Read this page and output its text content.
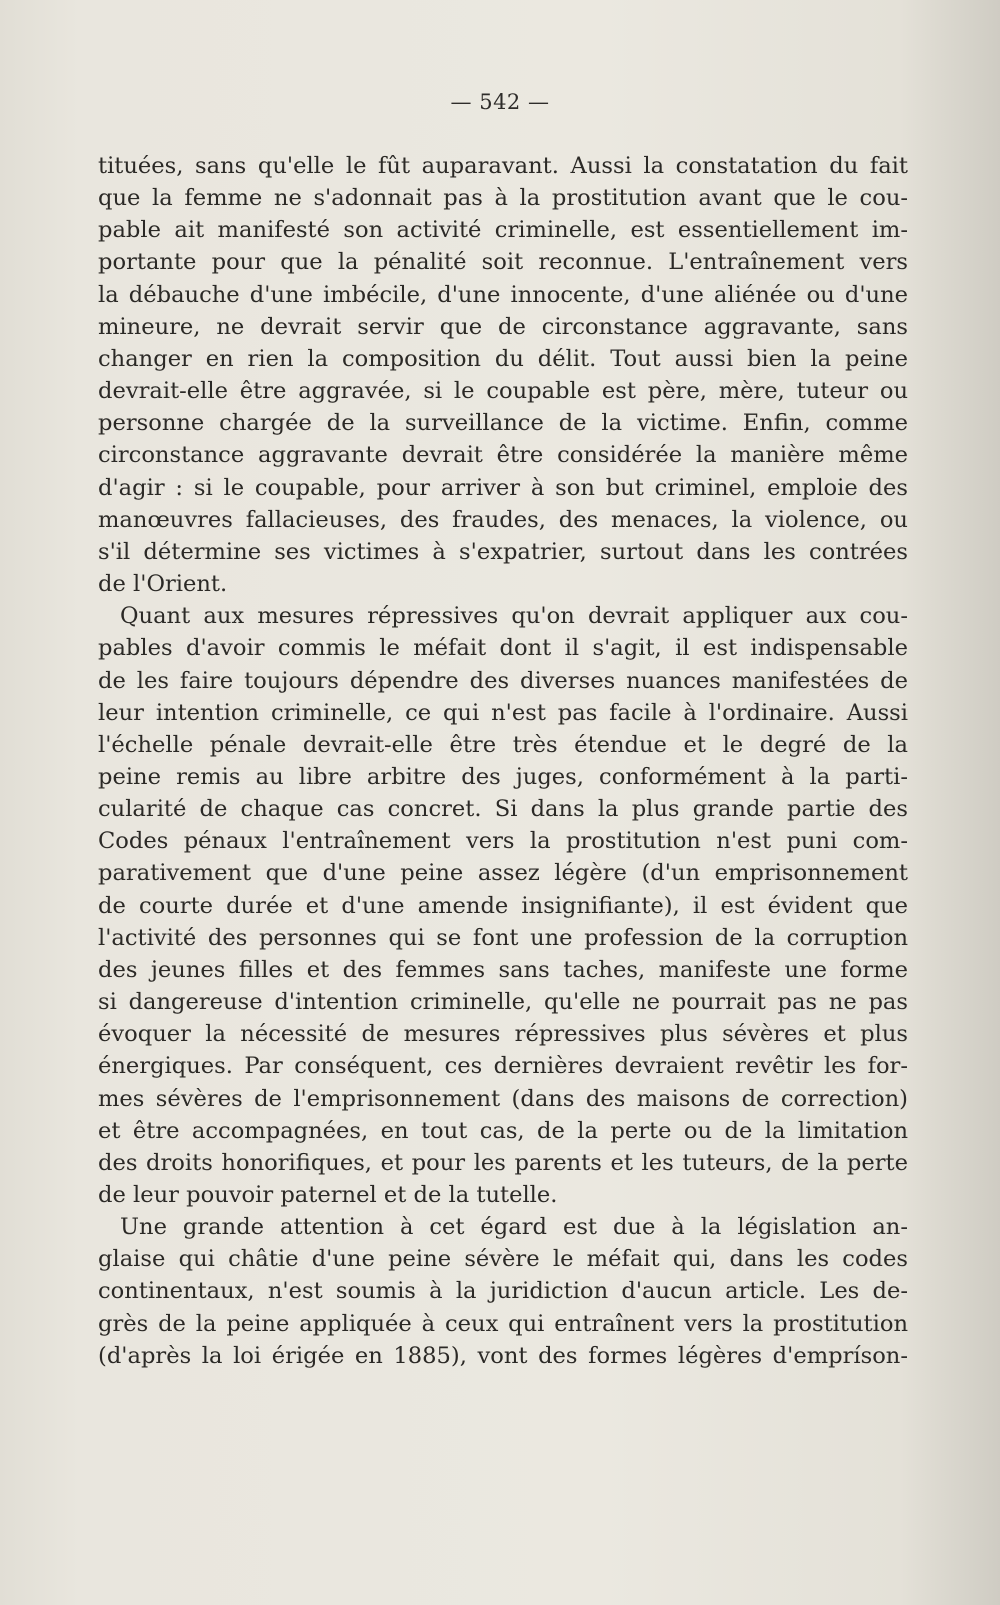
— 542 —
tituées, sans qu'elle le fût auparavant. Aussi la constatation du fait
que la femme ne s'adonnait pas à la prostitution avant que le cou-
pable ait manifesté son activité criminelle, est essentiellement im-
portante pour que la pénalité soit reconnue. L'entraînement vers
la débauche d'une imbécile, d'une innocente, d'une aliénée ou d'une
mineure, ne devrait servir que de circonstance aggravante, sans
changer en rien la composition du délit. Tout aussi bien la peine
devrait-elle être aggravée, si le coupable est père, mère, tuteur ou
personne chargée de la surveillance de la victime. Enfin, comme
circonstance aggravante devrait être considérée la manière même
d'agir : si le coupable, pour arriver à son but criminel, emploie des
manœuvres fallacieuses, des fraudes, des menaces, la violence, ou
s'il détermine ses victimes à s'expatrier, surtout dans les contrées
de l'Orient.
Quant aux mesures répressives qu'on devrait appliquer aux cou-
pables d'avoir commis le méfait dont il s'agit, il est indispensable
de les faire toujours dépendre des diverses nuances manifestées de
leur intention criminelle, ce qui n'est pas facile à l'ordinaire. Aussi
l'échelle pénale devrait-elle être très étendue et le degré de la
peine remis au libre arbitre des juges, conformément à la parti-
cularité de chaque cas concret. Si dans la plus grande partie des
Codes pénaux l'entraînement vers la prostitution n'est puni com-
parativement que d'une peine assez légère (d'un emprisonnement
de courte durée et d'une amende insignifiante), il est évident que
l'activité des personnes qui se font une profession de la corruption
des jeunes filles et des femmes sans taches, manifeste une forme
si dangereuse d'intention criminelle, qu'elle ne pourrait pas ne pas
évoquer la nécessité de mesures répressives plus sévères et plus
énergiques. Par conséquent, ces dernières devraient revêtir les for-
mes sévères de l'emprisonnement (dans des maisons de correction)
et être accompagnées, en tout cas, de la perte ou de la limitation
des droits honorifiques, et pour les parents et les tuteurs, de la perte
de leur pouvoir paternel et de la tutelle.
Une grande attention à cet égard est due à la législation an-
glaise qui châtie d'une peine sévère le méfait qui, dans les codes
continentaux, n'est soumis à la juridiction d'aucun article. Les de-
grès de la peine appliquée à ceux qui entraînent vers la prostitution
(d'après la loi érigée en 1885), vont des formes légères d'empríson-
